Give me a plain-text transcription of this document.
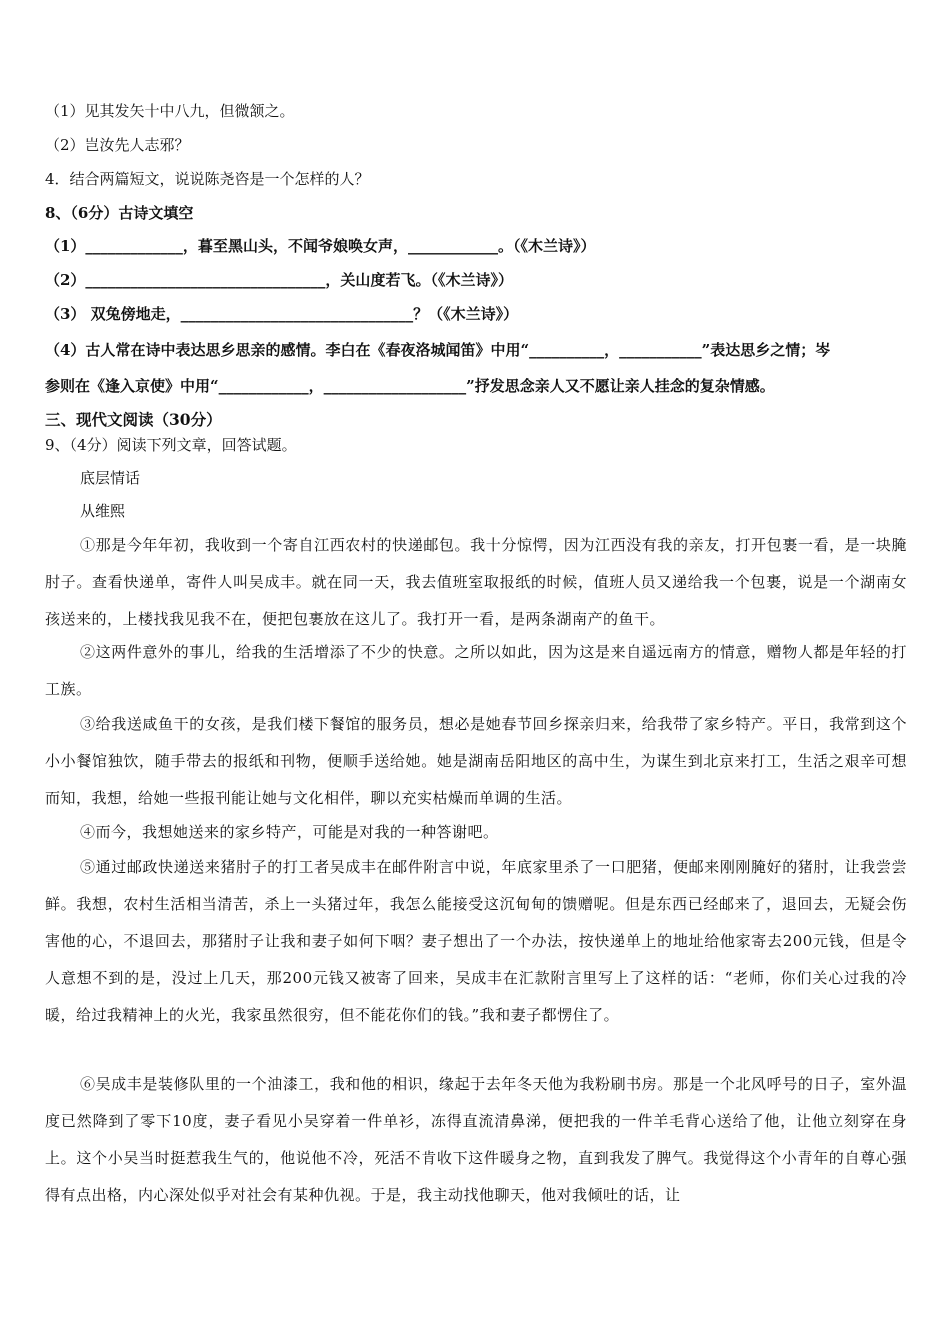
（1）见其发矢十中八九，但微颔之。
（2）岂汝先人志邪？
4．结合两篇短文，说说陈尧咨是一个怎样的人？
8、（6分）古诗文填空
（1）_____________，暮至黑山头，不闻爷娘唤女声，____________。（《木兰诗》）
（2）________________________________，关山度若飞。（《木兰诗》）
（3） 双兔傍地走，_______________________________？（《木兰诗》）
（4）古人常在诗中表达思乡思亲的感情。李白在《春夜洛城闻笛》中用“__________，___________”表达思乡之情；岑
参则在《逢入京使》中用“____________，___________________”抒发思念亲人又不愿让亲人挂念的复杂情感。
三、现代文阅读（30分）
9、（4分）阅读下列文章，回答试题。
底层情话
从维熙
①那是今年年初，我收到一个寄自江西农村的快递邮包。我十分惊愕，因为江西没有我的亲友，打开包裹一看，是一块腌肘子。查看快递单，寄件人叫吴成丰。就在同一天，我去值班室取报纸的时候，值班人员又递给我一个包裹，说是一个湖南女孩送来的，上楼找我见我不在，便把包裹放在这儿了。我打开一看，是两条湖南产的鱼干。
②这两件意外的事儿，给我的生活增添了不少的快意。之所以如此，因为这是来自遥远南方的情意，赠物人都是年轻的打工族。
③给我送咸鱼干的女孩，是我们楼下餐馆的服务员，想必是她春节回乡探亲归来，给我带了家乡特产。平日，我常到这个小小餐馆独饮，随手带去的报纸和刊物，便顺手送给她。她是湖南岳阳地区的高中生，为谋生到北京来打工，生活之艰辛可想而知，我想，给她一些报刊能让她与文化相伴，聊以充实枯燥而单调的生活。
④而今，我想她送来的家乡特产，可能是对我的一种答谢吧。
⑤通过邮政快递送来猪肘子的打工者吴成丰在邮件附言中说，年底家里杀了一口肥猪，便邮来刚刚腌好的猪肘，让我尝尝鲜。我想，农村生活相当清苦，杀上一头猪过年，我怎么能接受这沉甸甸的馈赠呢。但是东西已经邮来了，退回去，无疑会伤害他的心，不退回去，那猪肘子让我和妻子如何下咽？妻子想出了一个办法，按快递单上的地址给他家寄去200元钱，但是令人意想不到的是，没过上几天，那200元钱又被寄了回来，吴成丰在汇款附言里写上了这样的话：“老师，你们关心过我的冷暖，给过我精神上的火光，我家虽然很穷，但不能花你们的钱。”我和妻子都愣住了。
⑥吴成丰是装修队里的一个油漆工，我和他的相识，缘起于去年冬天他为我粉刷书房。那是一个北风呼号的日子，室外温度已然降到了零下10度，妻子看见小吴穿着一件单衫，冻得直流清鼻涕，便把我的一件羊毛背心送给了他，让他立刻穿在身上。这个小吴当时挺惹我生气的，他说他不冷，死活不肯收下这件暖身之物，直到我发了脾气。我觉得这个小青年的自尊心强得有点出格，内心深处似乎对社会有某种仇视。于是，我主动找他聊天，他对我倾吐的话，让
